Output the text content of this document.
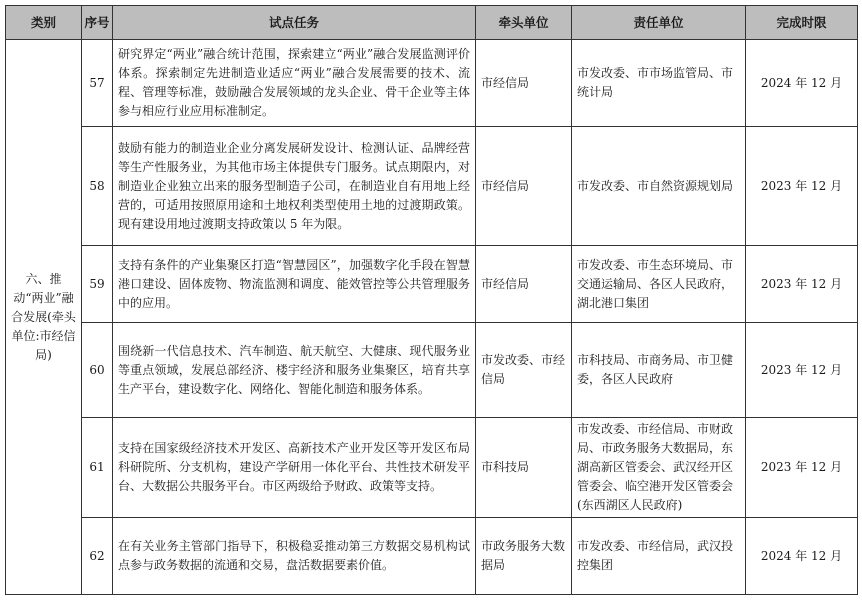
类别	序号	试点任务	牵头单位	责任单位	完成时限
六、推动“两业”融合发展(牵头单位:市经信局)	57	研究界定“两业”融合统计范围，探索建立“两业”融合发展监测评价体系。探索制定先进制造业适应“两业”融合发展需要的技术、流程、管理等标准，鼓励融合发展领域的龙头企业、骨干企业等主体参与相应行业应用标准制定。	市经信局	市发改委、市市场监管局、市统计局	2024 年 12 月
	58	鼓励有能力的制造业企业分离发展研发设计、检测认证、品牌经营等生产性服务业，为其他市场主体提供专门服务。试点期限内，对制造业企业独立出来的服务型制造子公司，在制造业自有用地上经营的，可适用按照原用途和土地权利类型使用土地的过渡期政策。现有建设用地过渡期支持政策以 5 年为限。	市经信局	市发改委、市自然资源规划局	2023 年 12 月
	59	支持有条件的产业集聚区打造“智慧园区”，加强数字化手段在智慧港口建设、固体废物、物流监测和调度、能效管控等公共管理服务中的应用。	市经信局	市发改委、市生态环境局、市交通运输局、各区人民政府，湖北港口集团	2023 年 12 月
	60	围绕新一代信息技术、汽车制造、航天航空、大健康、现代服务业等重点领域，发展总部经济、楼宇经济和服务业集聚区，培育共享生产平台，建设数字化、网络化、智能化制造和服务体系。	市发改委、市经信局	市科技局、市商务局、市卫健委，各区人民政府	2023 年 12 月
	61	支持在国家级经济技术开发区、高新技术产业开发区等开发区布局科研院所、分支机构，建设产学研用一体化平台、共性技术研发平台、大数据公共服务平台。市区两级给予财政、政策等支持。	市科技局	市发改委、市经信局、市财政局、市政务服务大数据局，东湖高新区管委会、武汉经开区管委会、临空港开发区管委会(东西湖区人民政府)	2023 年 12 月
	62	在有关业务主管部门指导下，积极稳妥推动第三方数据交易机构试点参与政务数据的流通和交易，盘活数据要素价值。	市政务服务大数据局	市发改委、市经信局，武汉投控集团	2024 年 12 月
